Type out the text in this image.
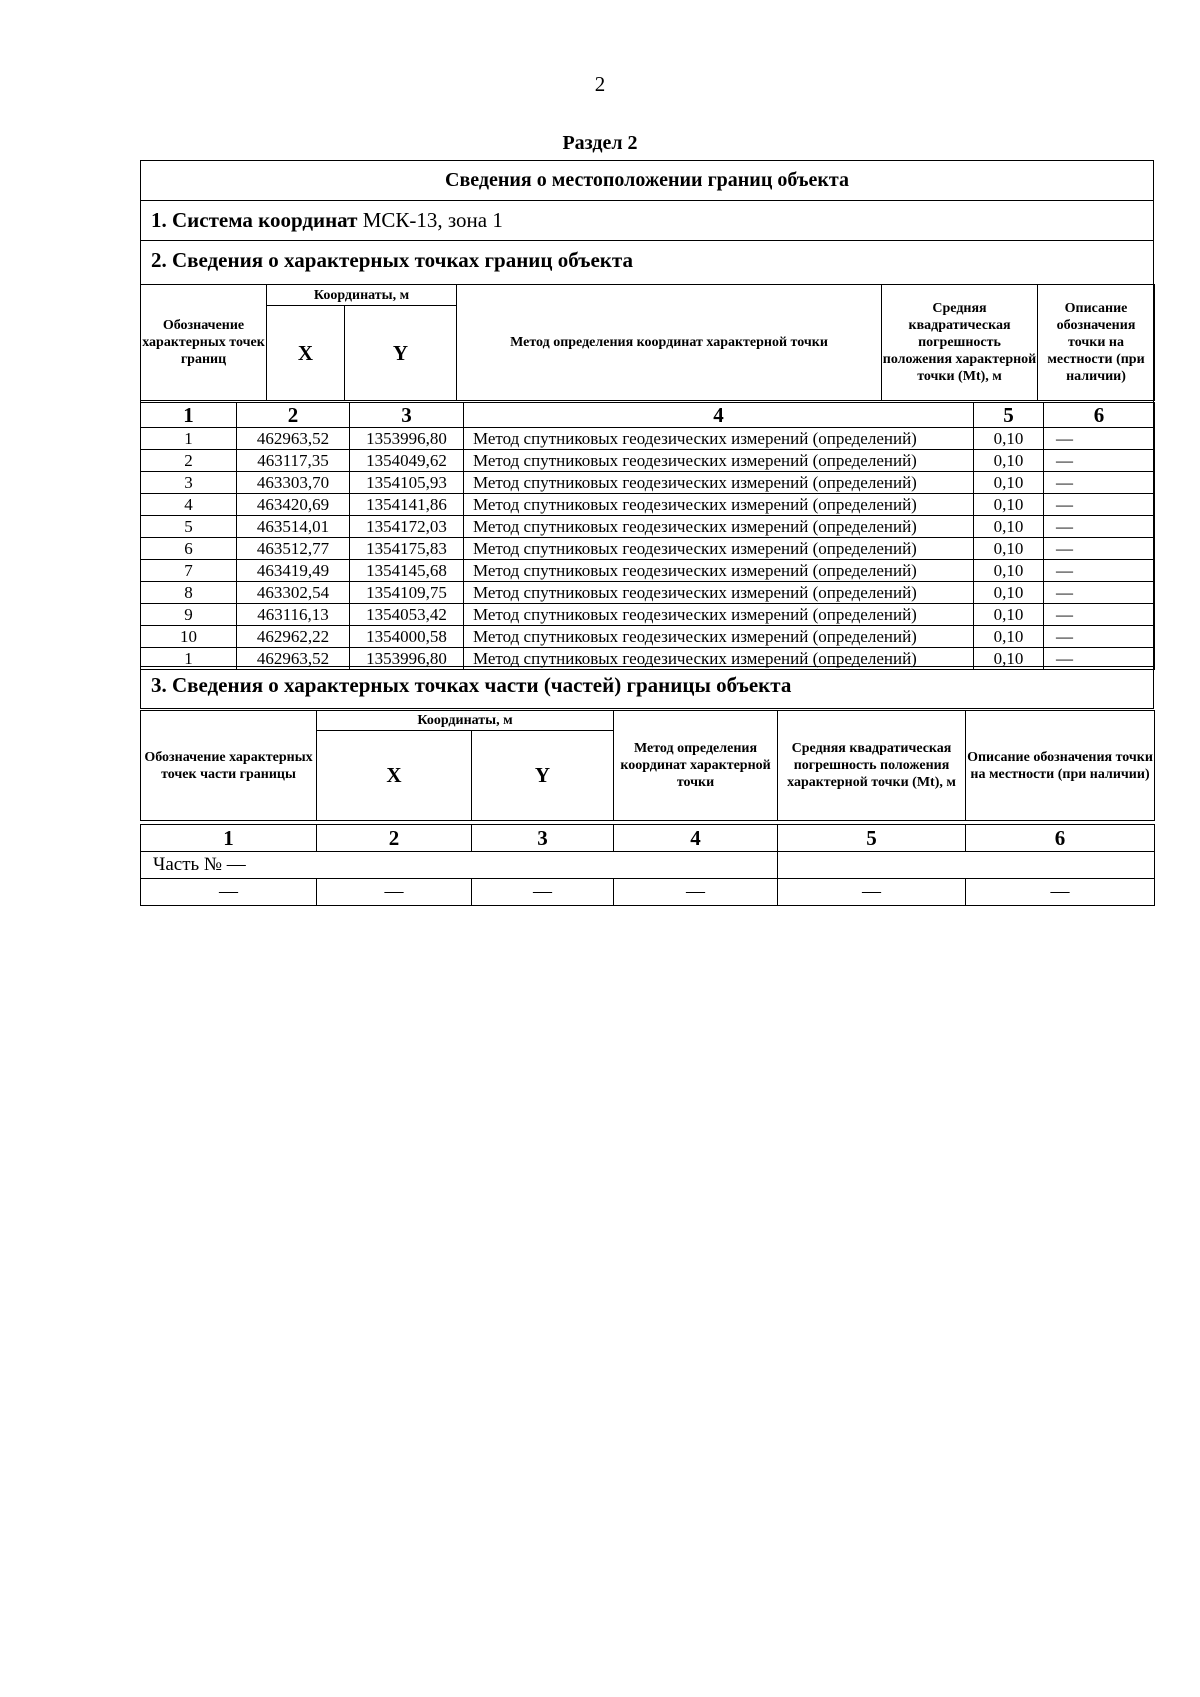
2
Раздел 2
Сведения о местоположении границ объекта
1. Система координат МСК-13, зона 1
2. Сведения о характерных точках границ объекта
Обозначение характерных точек границ	Координаты, м		Метод определения координат характерной точки	Средняя квадратическая погрешность положения характерной точки (Mt), м	Описание обозначения точки на местности (при наличии)
	X	Y			
1	2	3	4	5	6
1	462963,52	1353996,80	Метод спутниковых геодезических измерений (определений)	0,10	—
2	463117,35	1354049,62	Метод спутниковых геодезических измерений (определений)	0,10	—
3	463303,70	1354105,93	Метод спутниковых геодезических измерений (определений)	0,10	—
4	463420,69	1354141,86	Метод спутниковых геодезических измерений (определений)	0,10	—
5	463514,01	1354172,03	Метод спутниковых геодезических измерений (определений)	0,10	—
6	463512,77	1354175,83	Метод спутниковых геодезических измерений (определений)	0,10	—
7	463419,49	1354145,68	Метод спутниковых геодезических измерений (определений)	0,10	—
8	463302,54	1354109,75	Метод спутниковых геодезических измерений (определений)	0,10	—
9	463116,13	1354053,42	Метод спутниковых геодезических измерений (определений)	0,10	—
10	462962,22	1354000,58	Метод спутниковых геодезических измерений (определений)	0,10	—
1	462963,52	1353996,80	Метод спутниковых геодезических измерений (определений)	0,10	—
3. Сведения о характерных точках части (частей) границы объекта
Обозначение характерных точек части границы	Координаты, м		Метод определения координат характерной точки	Средняя квадратическая погрешность положения характерной точки (Mt), м	Описание обозначения точки на местности (при наличии)
	X	Y			
1	2	3	4	5	6
Часть № —					
—	—	—	—	—	—
